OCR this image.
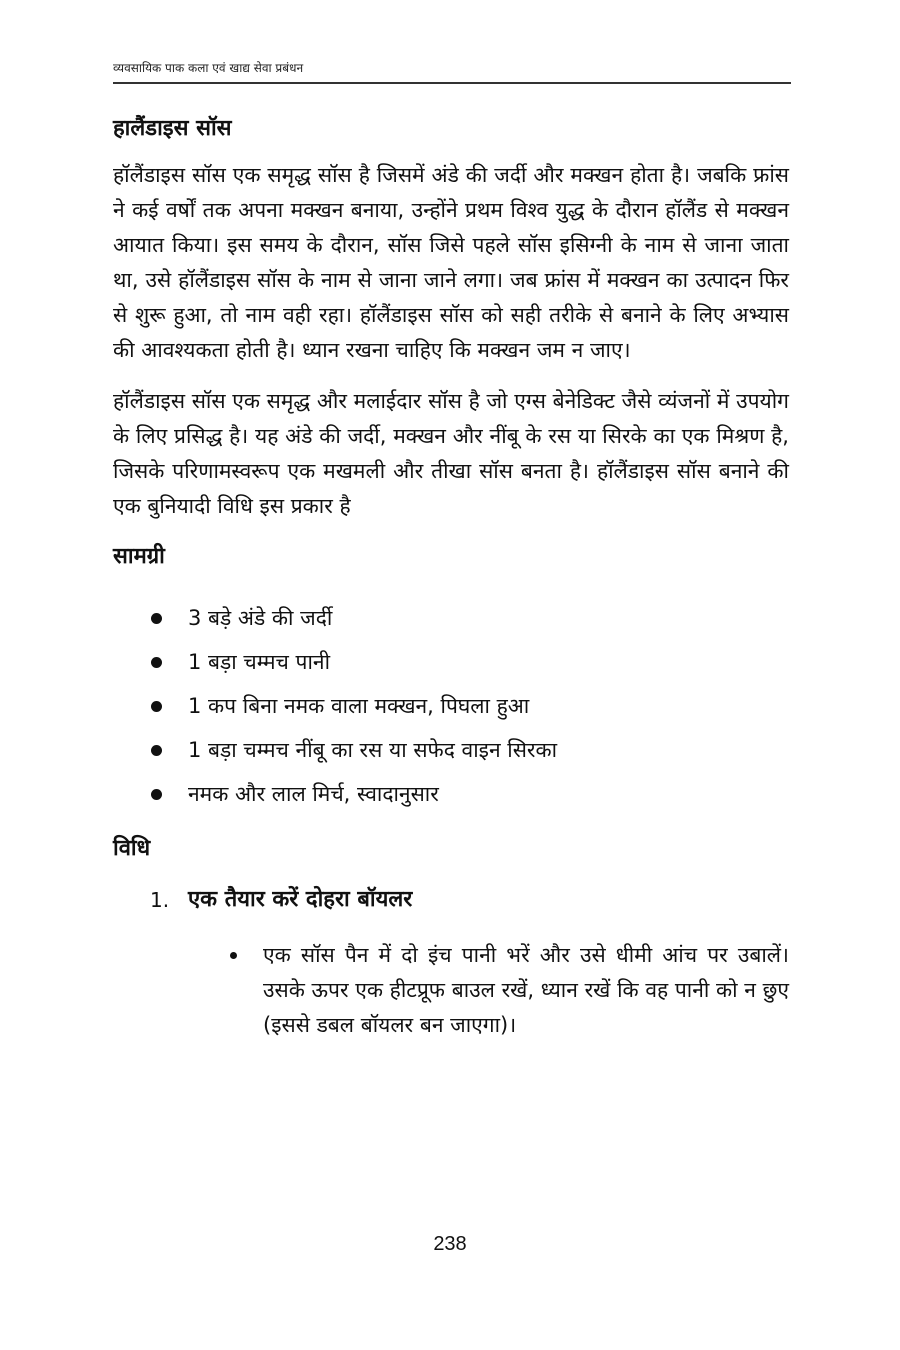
व्यवसायिक पाक कला एवं खाद्य सेवा प्रबंधन
हालैंडाइस सॉस

हॉलैंडाइस सॉस एक समृद्ध सॉस है जिसमें अंडे की जर्दी और मक्खन होता है। जबकि फ्रांस ने कई वर्षों तक अपना मक्खन बनाया, उन्होंने प्रथम विश्व युद्ध के दौरान हॉलैंड से मक्खन आयात किया। इस समय के दौरान, सॉस जिसे पहले सॉस इसिग्नी के नाम से जाना जाता था, उसे हॉलैंडाइस सॉस के नाम से जाना जाने लगा। जब फ्रांस में मक्खन का उत्पादन फिर से शुरू हुआ, तो नाम वही रहा। हॉलैंडाइस सॉस को सही तरीके से बनाने के लिए अभ्यास की आवश्यकता होती है। ध्यान रखना चाहिए कि मक्खन जम न जाए।

हॉलैंडाइस सॉस एक समृद्ध और मलाईदार सॉस है जो एग्स बेनेडिक्ट जैसे व्यंजनों में उपयोग के लिए प्रसिद्ध है। यह अंडे की जर्दी, मक्खन और नींबू के रस या सिरके का एक मिश्रण है, जिसके परिणामस्वरूप एक मखमली और तीखा सॉस बनता है। हॉलैंडाइस सॉस बनाने की एक बुनियादी विधि इस प्रकार है

सामग्री
3 बड़े अंडे की जर्दी
1 बड़ा चम्मच पानी
1 कप बिना नमक वाला मक्खन, पिघला हुआ
1 बड़ा चम्मच नींबू का रस या सफेद वाइन सिरका
नमक और लाल मिर्च, स्वादानुसार
विधि
1. एक तैयार करें दोहरा बॉयलर
एक सॉस पैन में दो इंच पानी भरें और उसे धीमी आंच पर उबालें। उसके ऊपर एक हीटप्रूफ बाउल रखें, ध्यान रखें कि वह पानी को न छुए (इससे डबल बॉयलर बन जाएगा)।
238
